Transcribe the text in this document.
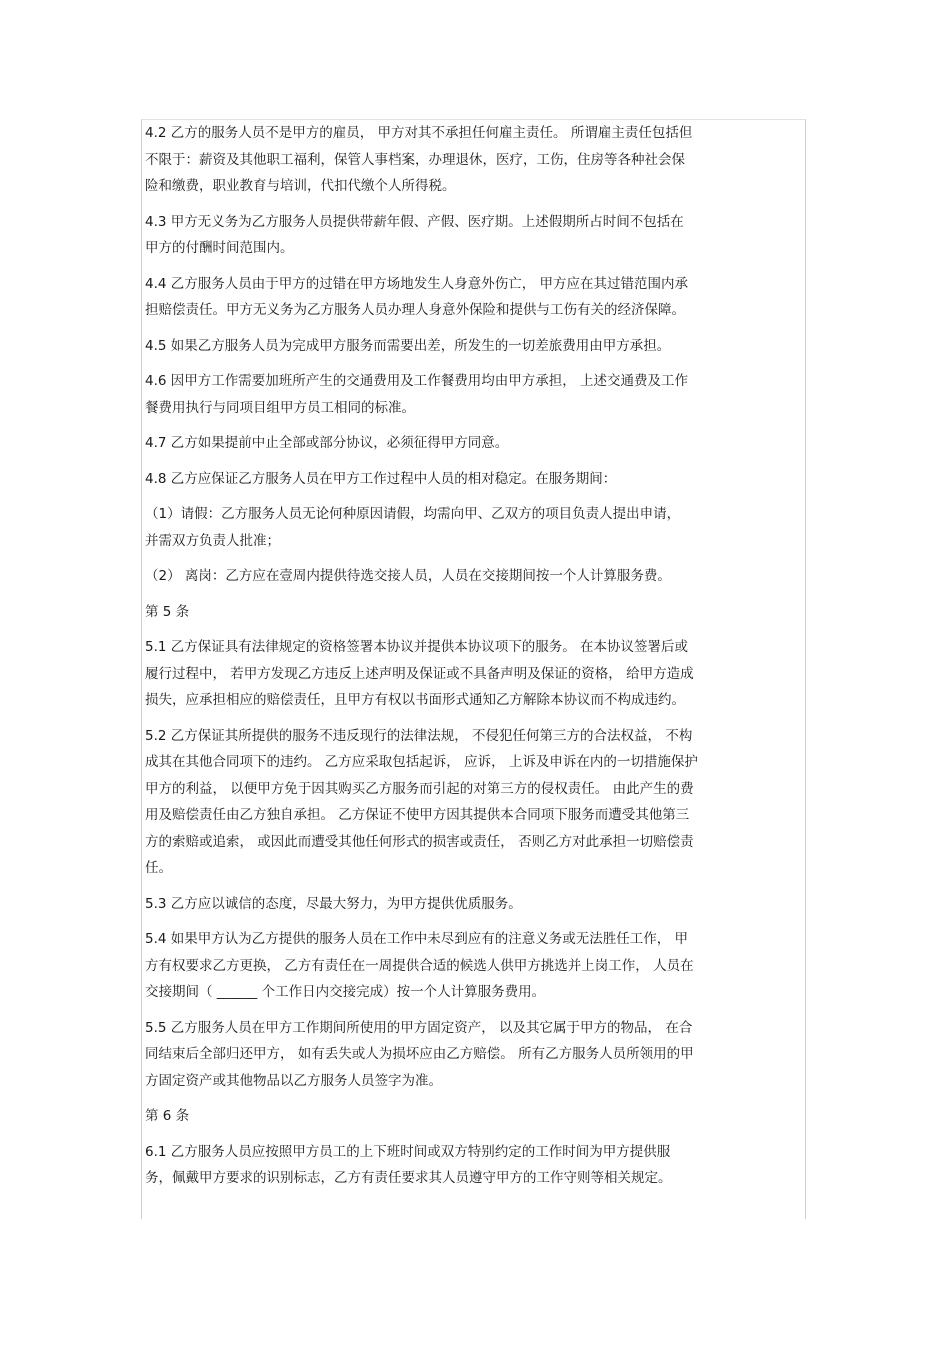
4.2 乙方的服务人员不是甲方的雇员， 甲方对其不承担任何雇主责任。 所谓雇主责任包括但
不限于：薪资及其他职工福利，保管人事档案，办理退休，医疗，工伤，住房等各种社会保
险和缴费，职业教育与培训，代扣代缴个人所得税。

4.3 甲方无义务为乙方服务人员提供带薪年假、产假、医疗期。上述假期所占时间不包括在
甲方的付酬时间范围内。

4.4 乙方服务人员由于甲方的过错在甲方场地发生人身意外伤亡， 甲方应在其过错范围内承
担赔偿责任。甲方无义务为乙方服务人员办理人身意外保险和提供与工伤有关的经济保障。

4.5 如果乙方服务人员为完成甲方服务而需要出差，所发生的一切差旅费用由甲方承担。

4.6 因甲方工作需要加班所产生的交通费用及工作餐费用均由甲方承担， 上述交通费及工作
餐费用执行与同项目组甲方员工相同的标准。

4.7 乙方如果提前中止全部或部分协议，必须征得甲方同意。

4.8 乙方应保证乙方服务人员在甲方工作过程中人员的相对稳定。在服务期间：

（1）请假：乙方服务人员无论何种原因请假，均需向甲、乙双方的项目负责人提出申请，
并需双方负责人批准；

（2） 离岗：乙方应在壹周内提供待选交接人员，人员在交接期间按一个人计算服务费。

第 5 条

5.1 乙方保证具有法律规定的资格签署本协议并提供本协议项下的服务。 在本协议签署后或
履行过程中， 若甲方发现乙方违反上述声明及保证或不具备声明及保证的资格， 给甲方造成
损失，应承担相应的赔偿责任，且甲方有权以书面形式通知乙方解除本协议而不构成违约。

5.2 乙方保证其所提供的服务不违反现行的法律法规， 不侵犯任何第三方的合法权益， 不构
成其在其他合同项下的违约。 乙方应采取包括起诉， 应诉， 上诉及申诉在内的一切措施保护
甲方的利益， 以便甲方免于因其购买乙方服务而引起的对第三方的侵权责任。 由此产生的费
用及赔偿责任由乙方独自承担。 乙方保证不使甲方因其提供本合同项下服务而遭受其他第三
方的索赔或追索， 或因此而遭受其他任何形式的损害或责任， 否则乙方对此承担一切赔偿责
任。

5.3 乙方应以诚信的态度，尽最大努力，为甲方提供优质服务。

5.4 如果甲方认为乙方提供的服务人员在工作中未尽到应有的注意义务或无法胜任工作， 甲
方有权要求乙方更换， 乙方有责任在一周提供合适的候选人供甲方挑选并上岗工作， 人员在
交接期间（ ______ 个工作日内交接完成）按一个人计算服务费用。

5.5 乙方服务人员在甲方工作期间所使用的甲方固定资产， 以及其它属于甲方的物品， 在合
同结束后全部归还甲方， 如有丢失或人为损坏应由乙方赔偿。 所有乙方服务人员所领用的甲
方固定资产或其他物品以乙方服务人员签字为准。

第 6 条

6.1 乙方服务人员应按照甲方员工的上下班时间或双方特别约定的工作时间为甲方提供服
务，佩戴甲方要求的识别标志，乙方有责任要求其人员遵守甲方的工作守则等相关规定。
